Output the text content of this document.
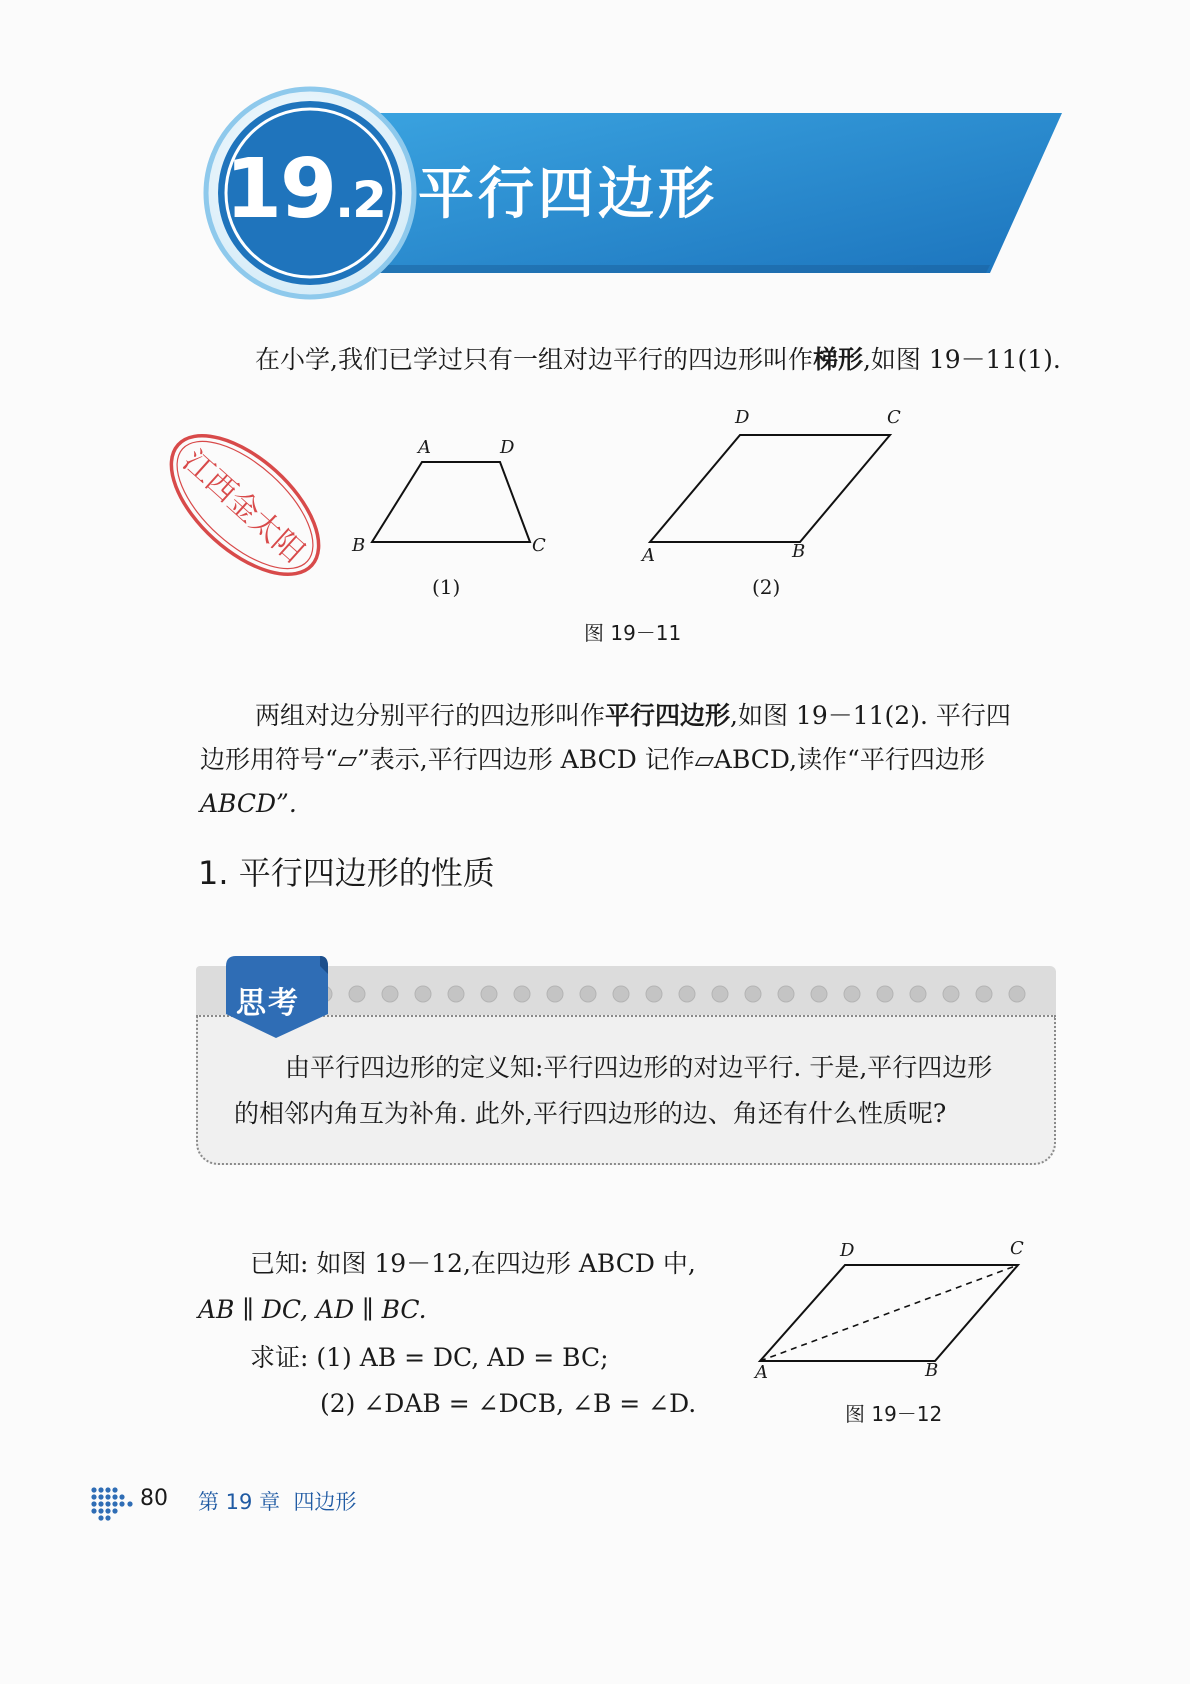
19.2 平行四边形
在小学,我们已学过只有一组对边平行的四边形叫作梯形,如图 19－11(1).
江西金太阳	A	D
B	C
(1)
D	C
A	B
(2)
图 19－11
两组对边分别平行的四边形叫作平行四边形,如图 19－11(2). 平行四
边形用符号“▱”表示,平行四边形 ABCD 记作▱ABCD,读作“平行四边形
ABCD”.
1. 平行四边形的性质
思考
由平行四边形的定义知:平行四边形的对边平行. 于是,平行四边形
的相邻内角互为补角. 此外,平行四边形的边、角还有什么性质呢?
已知: 如图 19－12,在四边形 ABCD 中,
AB ∥ DC, AD ∥ BC.
求证: (1) AB = DC, AD = BC;
(2) ∠DAB = ∠DCB, ∠B = ∠D.
D	C
A	B
图 19－12
80 第 19 章 四边形
